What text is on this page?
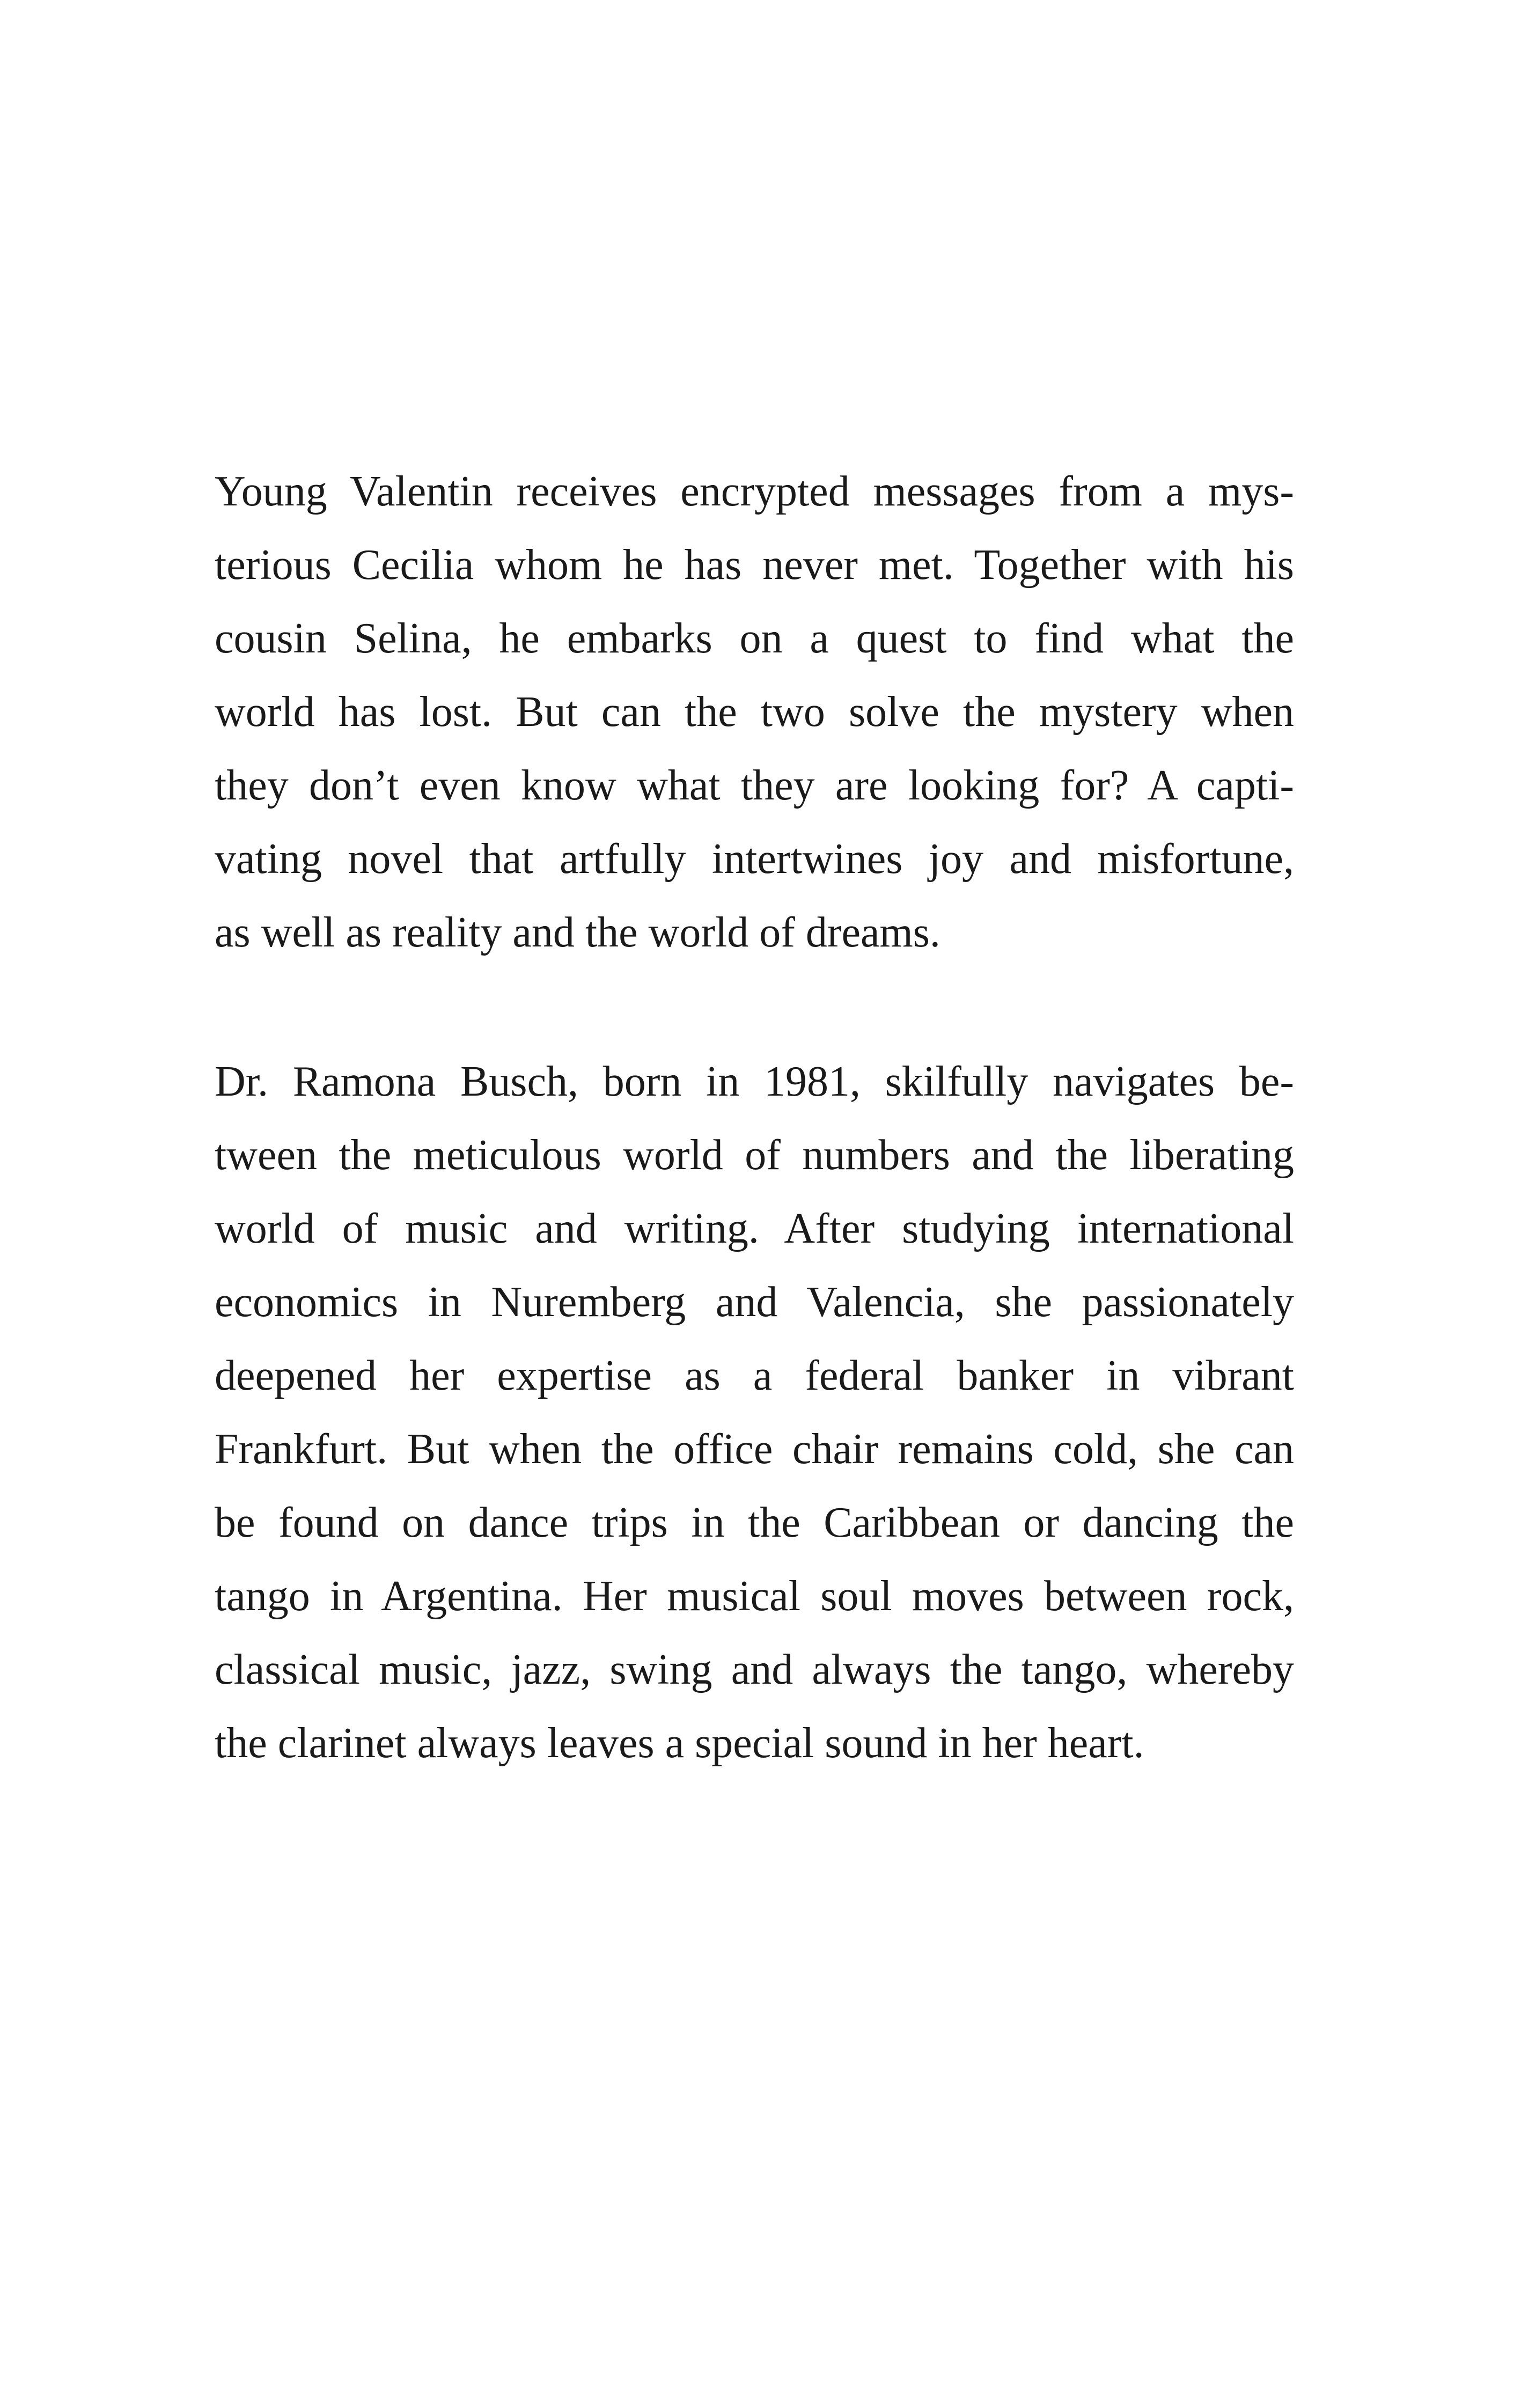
Young Valentin receives encrypted messages from a mys-
terious Cecilia whom he has never met. Together with his
cousin Selina, he embarks on a quest to find what the
world has lost. But can the two solve the mystery when
they don’t even know what they are looking for? A capti-
vating novel that artfully intertwines joy and misfortune,
as well as reality and the world of dreams.
Dr. Ramona Busch, born in 1981, skilfully navigates be-
tween the meticulous world of numbers and the liberating
world of music and writing. After studying international
economics in Nuremberg and Valencia, she passionately
deepened her expertise as a federal banker in vibrant
Frankfurt. But when the office chair remains cold, she can
be found on dance trips in the Caribbean or dancing the
tango in Argentina. Her musical soul moves between rock,
classical music, jazz, swing and always the tango, whereby
the clarinet always leaves a special sound in her heart.
